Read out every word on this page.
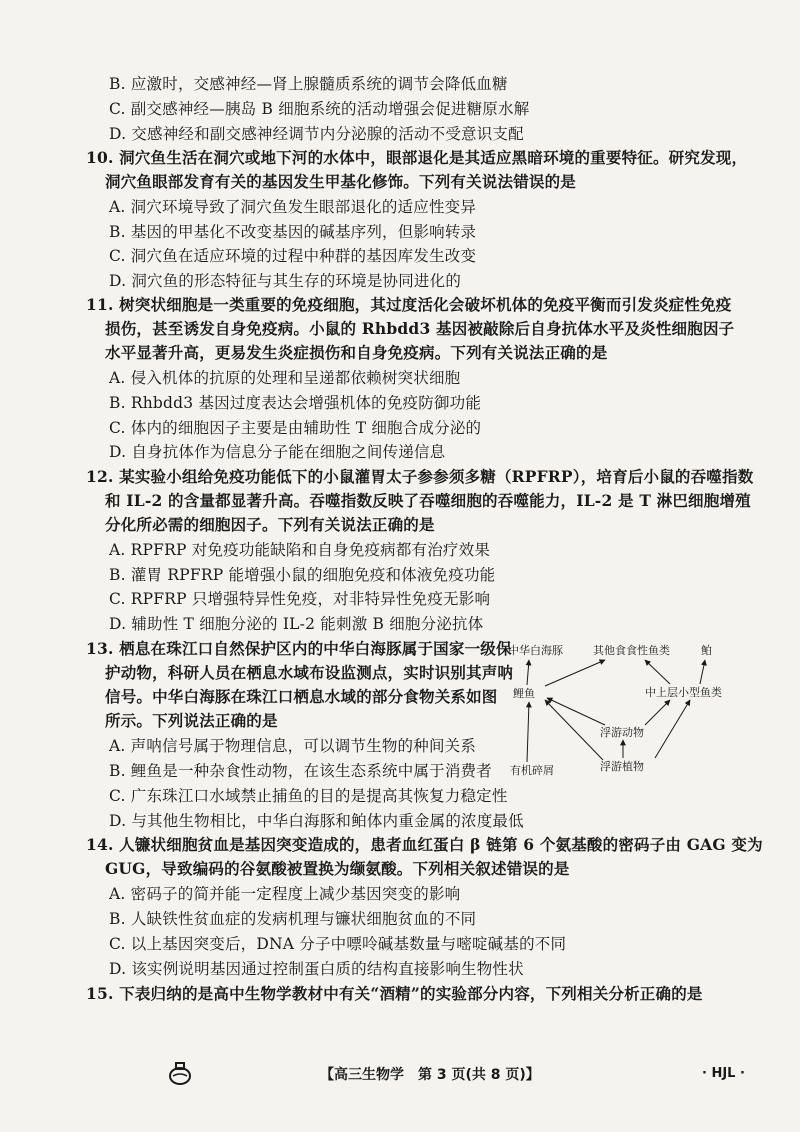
B. 应激时，交感神经—肾上腺髓质系统的调节会降低血糖
C. 副交感神经—胰岛 B 细胞系统的活动增强会促进糖原水解
D. 交感神经和副交感神经调节内分泌腺的活动不受意识支配
10. 洞穴鱼生活在洞穴或地下河的水体中，眼部退化是其适应黑暗环境的重要特征。研究发现，
洞穴鱼眼部发育有关的基因发生甲基化修饰。下列有关说法错误的是
A. 洞穴环境导致了洞穴鱼发生眼部退化的适应性变异
B. 基因的甲基化不改变基因的碱基序列，但影响转录
C. 洞穴鱼在适应环境的过程中种群的基因库发生改变
D. 洞穴鱼的形态特征与其生存的环境是协同进化的
11. 树突状细胞是一类重要的免疫细胞，其过度活化会破坏机体的免疫平衡而引发炎症性免疫
损伤，甚至诱发自身免疫病。小鼠的 Rhbdd3 基因被敲除后自身抗体水平及炎性细胞因子
水平显著升高，更易发生炎症损伤和自身免疫病。下列有关说法正确的是
A. 侵入机体的抗原的处理和呈递都依赖树突状细胞
B. Rhbdd3 基因过度表达会增强机体的免疫防御功能
C. 体内的细胞因子主要是由辅助性 T 细胞合成分泌的
D. 自身抗体作为信息分子能在细胞之间传递信息
12. 某实验小组给免疫功能低下的小鼠灌胃太子参参须多糖（RPFRP），培育后小鼠的吞噬指数
和 IL-2 的含量都显著升高。吞噬指数反映了吞噬细胞的吞噬能力，IL-2 是 T 淋巴细胞增殖
分化所必需的细胞因子。下列有关说法正确的是
A. RPFRP 对免疫功能缺陷和自身免疫病都有治疗效果
B. 灌胃 RPFRP 能增强小鼠的细胞免疫和体液免疫功能
C. RPFRP 只增强特异性免疫，对非特异性免疫无影响
D. 辅助性 T 细胞分泌的 IL-2 能刺激 B 细胞分泌抗体
13. 栖息在珠江口自然保护区内的中华白海豚属于国家一级保
护动物，科研人员在栖息水域布设监测点，实时识别其声呐
信号。中华白海豚在珠江口栖息水域的部分食物关系如图
所示。下列说法正确的是
A. 声呐信号属于物理信息，可以调节生物的种间关系
B. 鲤鱼是一种杂食性动物，在该生态系统中属于消费者
C. 广东珠江口水域禁止捕鱼的目的是提高其恢复力稳定性
D. 与其他生物相比，中华白海豚和鲌体内重金属的浓度最低
14. 人镰状细胞贫血是基因突变造成的，患者血红蛋白 β 链第 6 个氨基酸的密码子由 GAG 变为
GUG，导致编码的谷氨酸被置换为缬氨酸。下列相关叙述错误的是
A. 密码子的简并能一定程度上减少基因突变的影响
B. 人缺铁性贫血症的发病机理与镰状细胞贫血的不同
C. 以上基因突变后，DNA 分子中嘌呤碱基数量与嘧啶碱基的不同
D. 该实例说明基因通过控制蛋白质的结构直接影响生物性状
15. 下表归纳的是高中生物学教材中有关“酒精”的实验部分内容，下列相关分析正确的是
中华白海豚	其他食食性鱼类	鲌
鲤鱼	中上层小型鱼类
浮游动物
有机碎屑	浮游植物
【高三生物学　第 3 页(共 8 页)】	· HJL ·
